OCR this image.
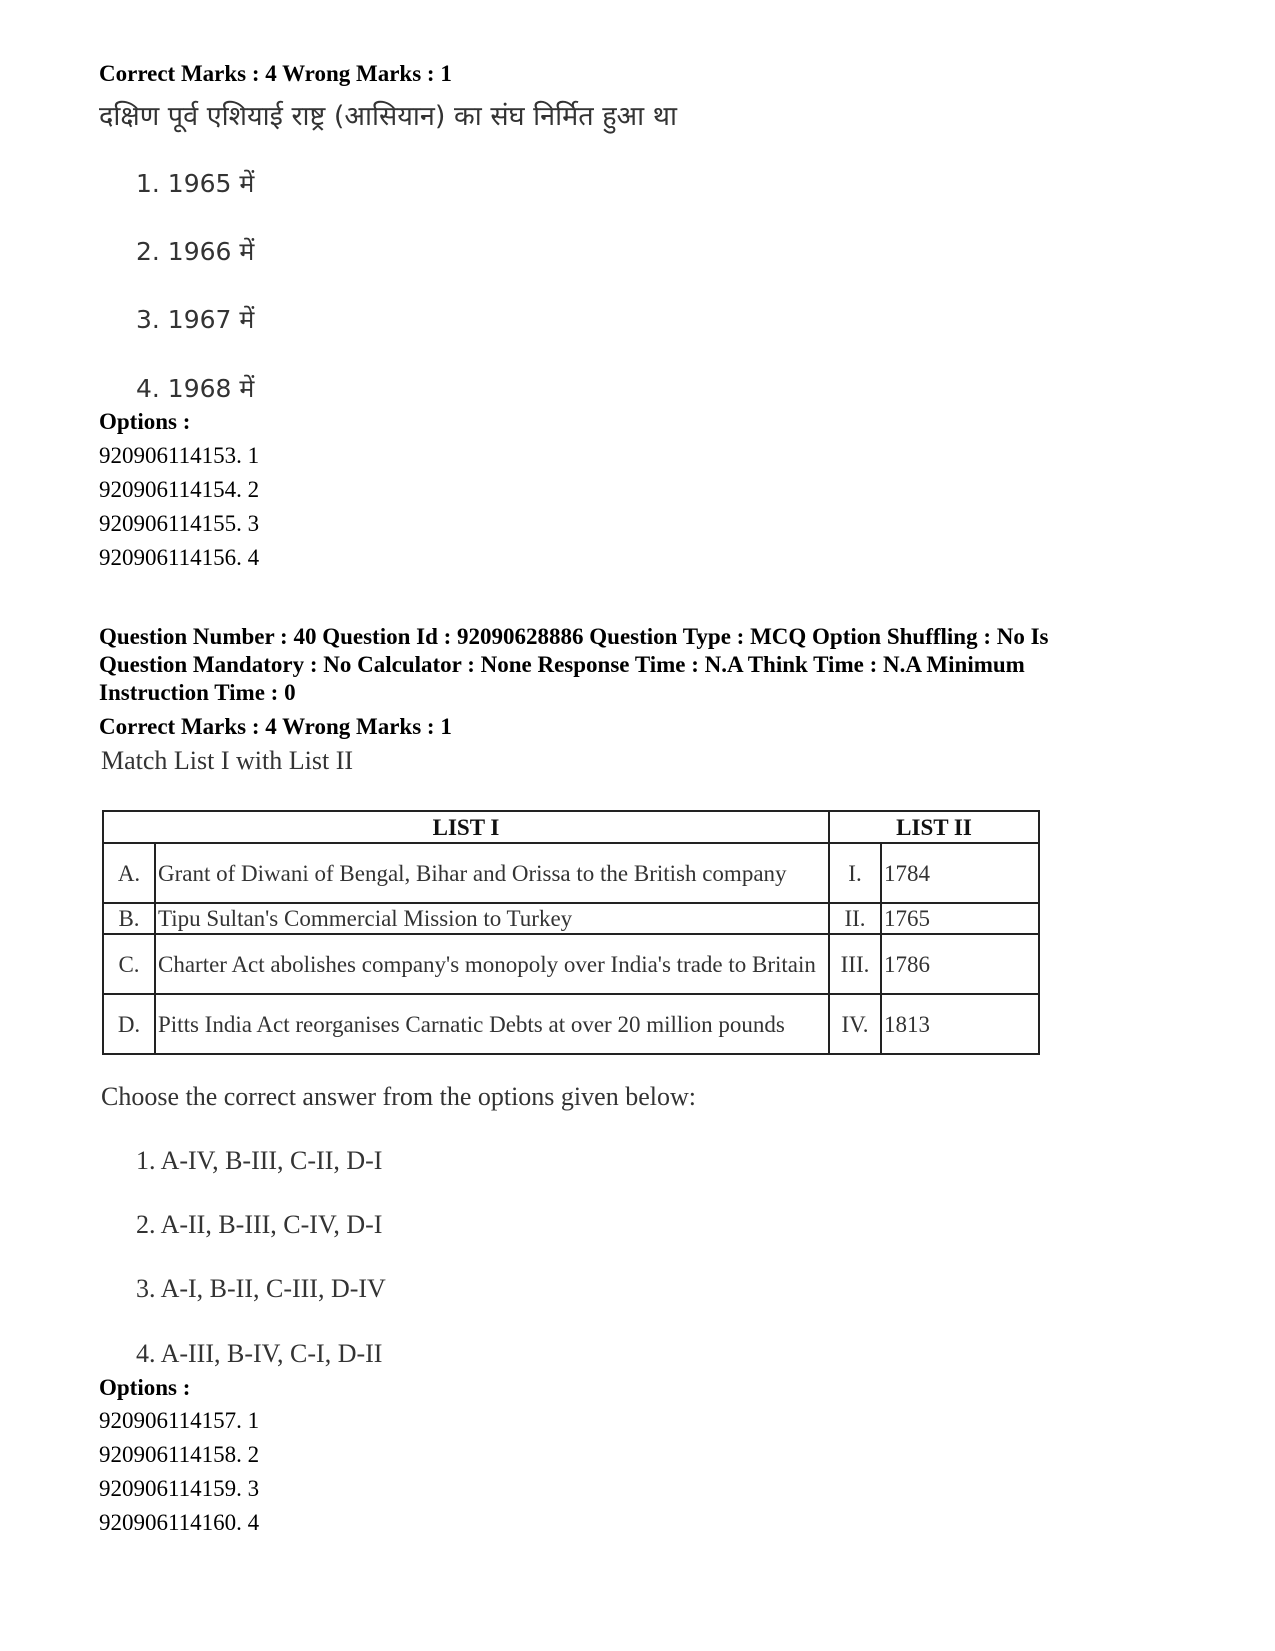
Correct Marks : 4 Wrong Marks : 1
दक्षिण पूर्व एशियाई राष्ट्र (आसियान) का संघ निर्मित हुआ था
1. 1965 में
2. 1966 में
3. 1967 में
4. 1968 में
Options :
920906114153. 1
920906114154. 2
920906114155. 3
920906114156. 4
Question Number : 40 Question Id : 92090628886 Question Type : MCQ Option Shuffling : No Is
Question Mandatory : No Calculator : None Response Time : N.A Think Time : N.A Minimum
Instruction Time : 0
Correct Marks : 4 Wrong Marks : 1
Match List I with List II
LIST I		LIST II	
A.	Grant of Diwani of Bengal, Bihar and Orissa to the British company	I.	1784
B.	Tipu Sultan's Commercial Mission to Turkey	II.	1765
C.	Charter Act abolishes company's monopoly over India's trade to Britain	III.	1786
D.	Pitts India Act reorganises Carnatic Debts at over 20 million pounds	IV.	1813
Choose the correct answer from the options given below:
1. A-IV, B-III, C-II, D-I
2. A-II, B-III, C-IV, D-I
3. A-I, B-II, C-III, D-IV
4. A-III, B-IV, C-I, D-II
Options :
920906114157. 1
920906114158. 2
920906114159. 3
920906114160. 4
